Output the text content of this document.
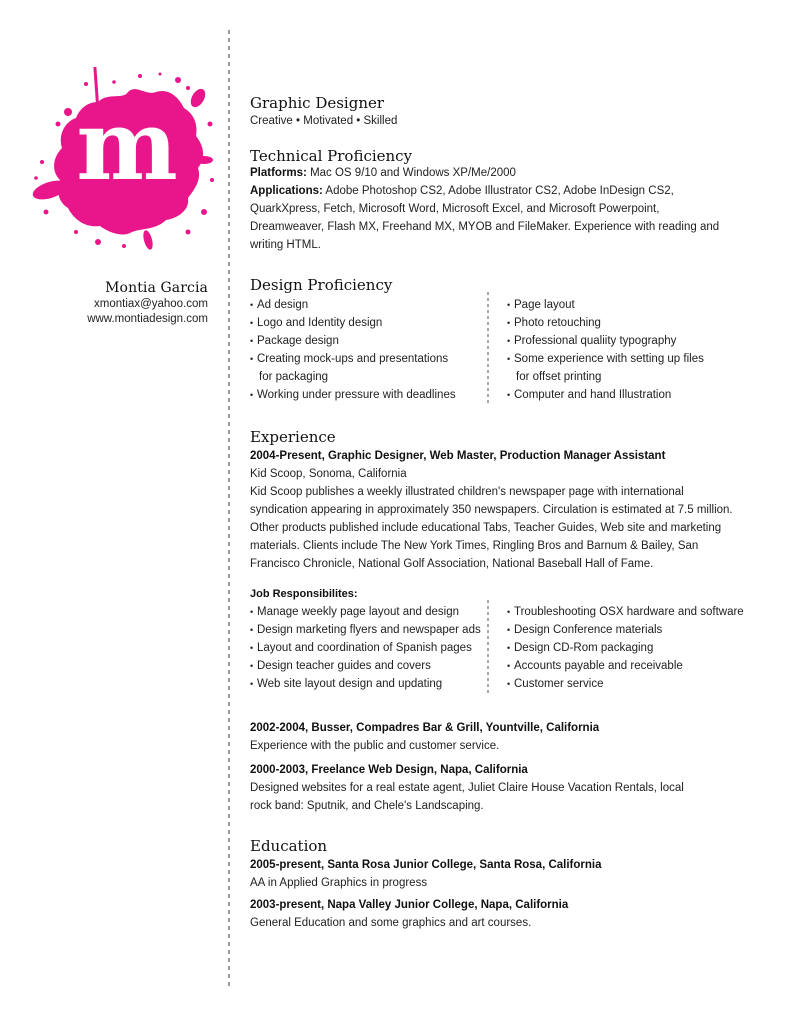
m
Montia Garcia
xmontiax@yahoo.com
www.montiadesign.com
Graphic Designer
Creative • Motivated • Skilled
Technical Proficiency
Platforms: Mac OS 9/10 and Windows XP/Me/2000
Applications: Adobe Photoshop CS2, Adobe Illustrator CS2, Adobe InDesign CS2,
QuarkXpress, Fetch, Microsoft Word, Microsoft Excel, and Microsoft Powerpoint,
Dreamweaver, Flash MX, Freehand MX, MYOB and FileMaker. Experience with reading and
writing HTML.
Design Proficiency
• Ad design
• Logo and Identity design
• Package design
• Creating mock-ups and presentations
for packaging
• Working under pressure with deadlines
• Page layout
• Photo retouching
• Professional qualiity typography
• Some experience with setting up files
for offset printing
• Computer and hand Illustration
Experience
2004-Present, Graphic Designer, Web Master, Production Manager Assistant
Kid Scoop, Sonoma, California
Kid Scoop publishes a weekly illustrated children's newspaper page with international
syndication appearing in approximately 350 newspapers. Circulation is estimated at 7.5 million.
Other products published include educational Tabs, Teacher Guides, Web site and marketing
materials. Clients include The New York Times, Ringling Bros and Barnum & Bailey, San
Francisco Chronicle, National Golf Association, National Baseball Hall of Fame.
Job Responsibilites:
• Manage weekly page layout and design
• Design marketing flyers and newspaper ads
• Layout and coordination of Spanish pages
• Design teacher guides and covers
• Web site layout design and updating
• Troubleshooting OSX hardware and software
• Design Conference materials
• Design CD-Rom packaging
• Accounts payable and receivable
• Customer service
2002-2004, Busser, Compadres Bar & Grill, Yountville, California
Experience with the public and customer service.
2000-2003, Freelance Web Design, Napa, California
Designed websites for a real estate agent, Juliet Claire House Vacation Rentals, local
rock band: Sputnik, and Chele's Landscaping.
Education
2005-present, Santa Rosa Junior College, Santa Rosa, California
AA in Applied Graphics in progress
2003-present, Napa Valley Junior College, Napa, California
General Education and some graphics and art courses.
